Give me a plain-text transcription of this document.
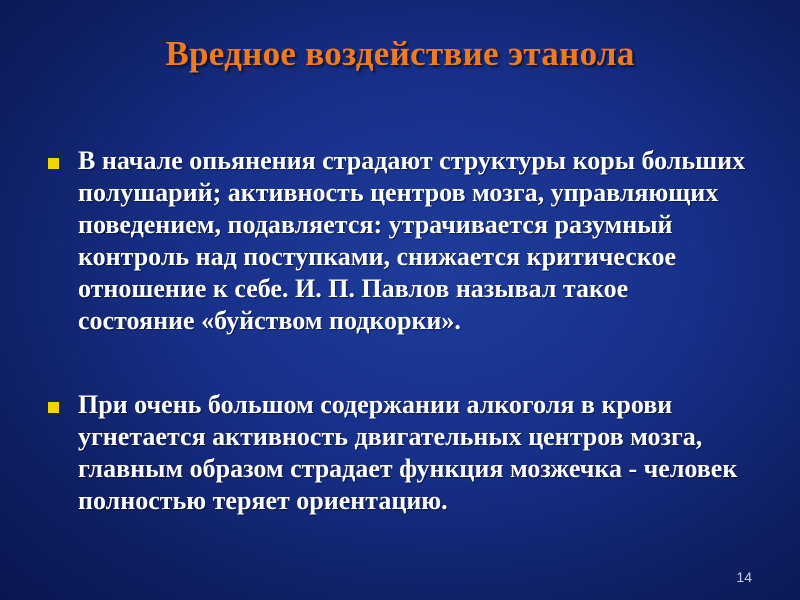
Вредное воздействие этанола
В начале опьянения страдают структуры коры больших полушарий; активность центров мозга, управляющих поведением, подавляется: утрачивается разумный контроль над поступками, снижается критическое отношение к себе. И. П. Павлов называл такое состояние «буйством подкорки».
При очень большом содержании алкоголя в крови угнетается активность двигательных центров мозга, главным образом страдает функция мозжечка - человек полностью теряет ориентацию.
14
